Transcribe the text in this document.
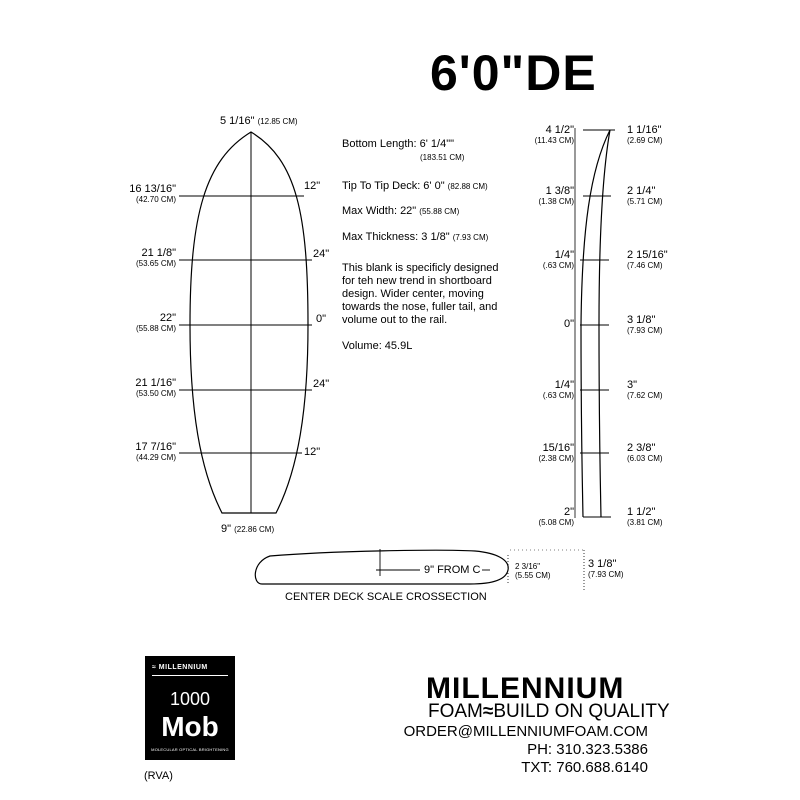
6'0"DE
5 1/16" (12.85 CM)
9" (22.86 CM)
16 13/16"
(42.70 CM)
21 1/8"
(53.65 CM)
22"
(55.88 CM)
21 1/16"
(53.50 CM)
17 7/16"
(44.29 CM)
12"
24"
0"
24"
12"
Bottom Length: 6' 1/4""
(183.51 CM)
Tip To Tip Deck: 6' 0" (82.88 CM)
Max Width: 22" (55.88 CM)
Max Thickness: 3 1/8" (7.93 CM)
This blank is specificly designed
for teh new trend in shortboard
design. Wider center, moving
towards the nose, fuller tail, and
volume out to the rail.
Volume: 45.9L
4 1/2"
(11.43 CM)
1 3/8"
(1.38 CM)
1/4"
(.63 CM)
0"
1/4"
(.63 CM)
15/16"
(2.38 CM)
2"
(5.08 CM)
1 1/16"
(2.69 CM)
2 1/4"
(5.71 CM)
2 15/16"
(7.46 CM)
3 1/8"
(7.93 CM)
3"
(7.62 CM)
2 3/8"
(6.03 CM)
1 1/2"
(3.81 CM)
9" FROM C	2 3/16"
(5.55 CM)
3 1/8"
(7.93 CM)
CENTER DECK SCALE CROSSECTION
≈ MILLENNIUM
1000
Mob
MOLECULAR OPTICAL BRIGHTENING
(RVA)
MILLENNIUM
FOAM≈BUILD ON QUALITY
ORDER@MILLENNIUMFOAM.COM
PH: 310.323.5386
TXT: 760.688.6140
